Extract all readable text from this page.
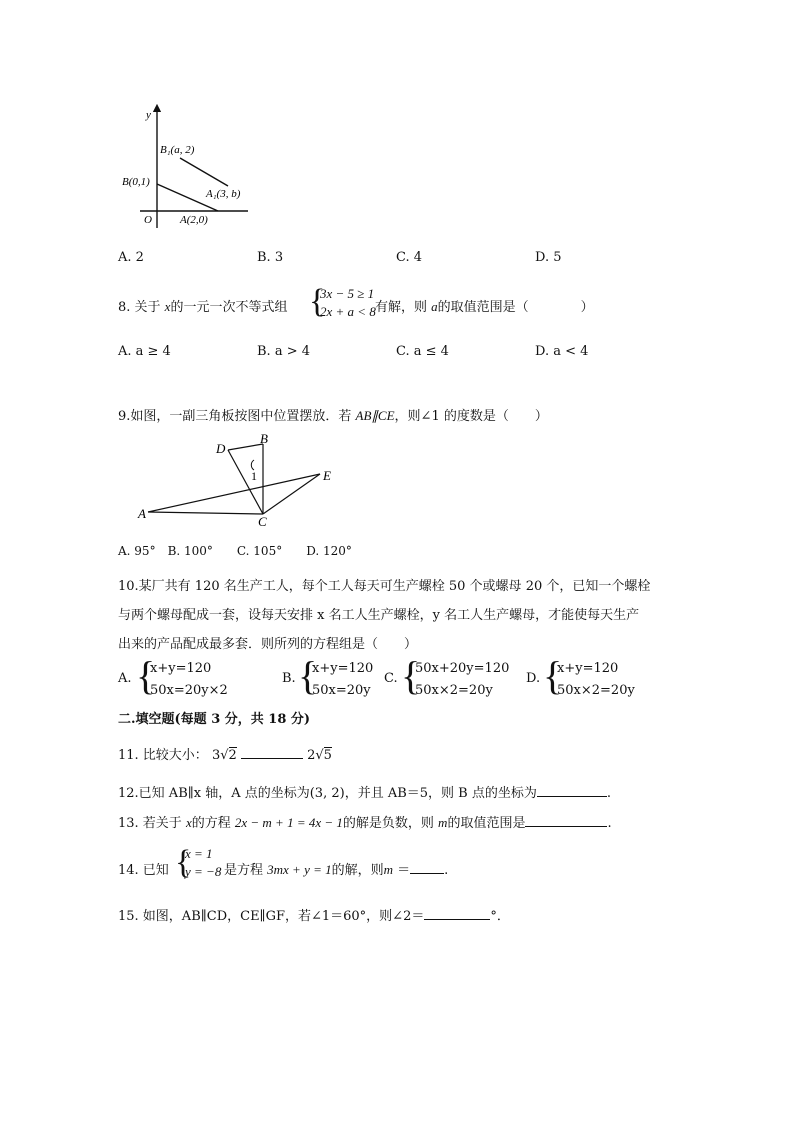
y
O
B(0,1)
A(2,0)
B₁(a, 2)
A₁(3, b)
A. 2	B. 3	C. 4	D. 5
8. 关于 x的一元一次不等式组 {
3x − 5 ≥ 1
2x + a < 8 有解，则 a的取值范围是（　　　　）
A. a ≥ 4	B. a > 4	C. a ≤ 4	D. a < 4
9.如图，一副三角板按图中位置摆放．若 AB∥CE，则∠1 的度数是（　　）
D
B
E
A
C
1
A. 95°　B. 100°　　C. 105°　　D. 120°
10.某厂共有 120 名生产工人，每个工人每天可生产螺栓 50 个或螺母 20 个，已知一个螺栓
与两个螺母配成一套，设每天安排 x 名工人生产螺栓，y 名工人生产螺母，才能使每天生产
出来的产品配成最多套．则所列的方程组是（　　）
A. {
x+y=120
50x=20y×2
B. {
x+y=120
50x=20y
C. {
50x+20y=120
50x×2=20y
D. {
x+y=120
50x×2=20y
二.填空题(每题 3 分，共 18 分)
11. 比较大小： 3√2	2√5
12.已知 AB∥x 轴，A 点的坐标为(3, 2)，并且 AB＝5，则 B 点的坐标为	.
13. 若关于 x的方程 2x − m + 1 = 4x − 1的解是负数，则 m的取值范围是	.
14. 已知 {
x = 1
y = −8 是方程 3mx + y = 1的解，则m ＝	.
15. 如图，AB∥CD，CE∥GF，若∠1＝60°，则∠2＝	°．
